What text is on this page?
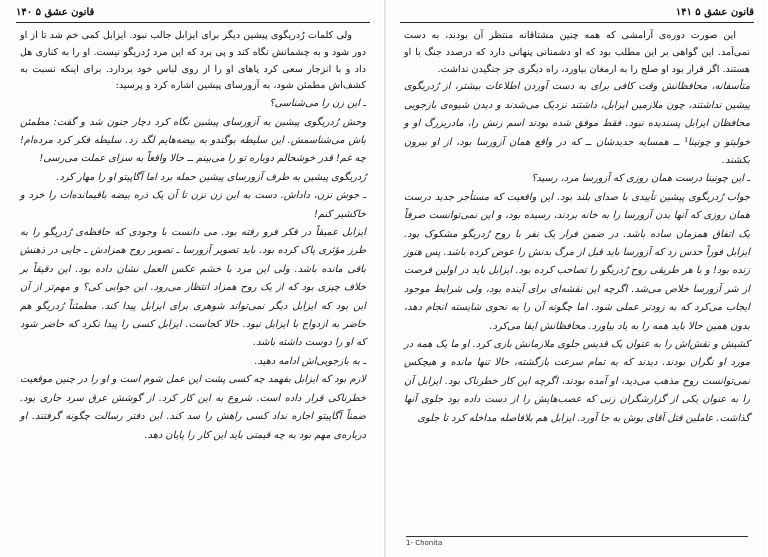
۱۴۰ ۵ قانون عشق

ولی کلمات رُدریگوی پیشین دیگر برای ایزابل جالب نبود. ایزابل کمی خم شد تا از او دور شود و به چشمانش نگاه کند و پی برد که این مرد رُدریگو نیست. او را به کناری هل داد و با انزجار سعی کرد پاهای او را از روی لباس خود بردارد. برای اینکه نسبت به کشف‌اش مطمئن شود، به آزورسای پیشین اشاره کرد و پرسید:

ـ این زن را می‌شناسی؟

وحش رُدریگوی پیشین به آزورسای پیشین نگاه کرد دچار جنون شد و گفت: مطمئن باش می‌شناسمش. این سلیطه بوگندو به بیضه‌هایم لگد زد. سلیطه فکر کرد مرده‌ام! چه غم! قدر خوشحالم دوباره تو را می‌بینم ــ حالا واقعاً به سزای عملت می‌رسی!

رُدریگوی پیشین به طرف آزورسای پیشین حمله برد اما آگاپیتو او را مهار کرد.

ـ جوش نزن، داداش. دست به این زن نزن تا آن یک ذره بیضه باقیمانده‌ات را خرد و خاکشیر کنم!

ایزابل عمیقاً در فکر فرو رفته بود. می دانست با وجودی که حافظه‌ی رُدریگو را به طرز مؤثری پاک کرده بود. باید تصویر آزورسا ـ تصویر روح همزادش ـ جایی در ذهنش باقی مانده باشد. ولی این مرد با خشم عکس العمل نشان داده بود. این دقیقاً بر خلاف چیزی بود که از یک روح همزاد انتظار می‌رود. این جوابی کی؟ و مهم‌تر از آن این بود که ایزابل دیگر نمی‌تواند شوهری برای ایزابل پیدا کند. مطمئناً رُدریگو هم حاضر به ازدواج با ایزابل نبود. حالا کجاست. ایزابل کسی را پیدا نکرد که حاضر شود که او را دوست داشته باشد.

ـ به بازجویی‌اش ادامه دهید.

لازم بود که ایزابل بفهمد چه کسی پشت این عمل شوم است و او را در چنین موقعیت خطرناکی قرار داده است. شروع به این کار کرد. از گوشش عرق سرد جاری بود. ضمناً آگاپیتو اجازه نداد کسی راهش را سد کند. این دفتر رسالت چگونه گرفتند. او درباره‌ی مهم بود به چه قیمتی باید این کار را پایان دهد.

۱۴۱ ۵ قانون عشق

این صورت دوره‌ی آرامشی که همه چنین مشتاقانه منتظر آن بودند، به دست نمی‌آمد. این گواهی بر این مطلب بود که او دشمنانی پنهانی دارد که درصدد جنگ با او هستند. اگر قرار بود او صلح را به ارمغان بیاورد، راه دیگری جز جنگیدن نداشت.

متأسفانه، محافظانش وقت کافی برای به دست آوردن اطلاعات بیشتر، از رُدریگوی پیشین نداشتند، چون ملازمین ایزابل، داشتند نزدیک می‌شدند و دیدن شیوه‌ی بازجویی محافظان ایزابل پسندیده نبود. فقط موفق شده بودند اسم زنش را، مادریزرگ او و خولیتو و چونینا¹ ــ همسایه جدیدشان ــ که در واقع همان آزورسا بود، از او بیرون بکشند.

ـ این چونینا درست همان روزی که آزورسا مرد، رسید؟

جواب رُدریگوی پیشین تأییدی با صدای بلند بود. این واقعیت که مستأجر جدید درست همان روزی که آنها بدن آزورسا را به خانه بردند، رسیده بود، و این نمی‌توانست صرفاً یک اتفاق همزمان ساده باشد. در ضمن فرار یک نفر با روح رُدریگو مشکوک بود. ایزابل فوراً حدس زد که آزورسا باید قبل از مرگ بدنش را عوض کرده باشد. پس هنوز زنده بود! و با هر طریقی روح رُدریگو را تصاحب کرده بود. ایزابل باید در اولین فرصت از شر آزورسا خلاص می‌شد. اگرچه این نقشه‌ای برای آینده بود، ولی شرایط موجود ایجاب می‌کرد که به زودتر عملی شود. اما چگونه آن را به نحوی شایسته انجام دهد، بدون همین حالا باید همه را به یاد بیاورد. محافظانش ایفا می‌کرد.

کشیش و نقش‌اش را به عنوان یک قدیس جلوی ملازمانش بازی کرد. او ما یک همه در مورد او نگران بودند. دیدند که به تمام سرعت بازگشته، حالا تنها مانده و هیچکس نمی‌توانست روح مذهب می‌دید، او آمده بودند، اگرچه این کار خطرناک بود. ایزابل آن را به عنوان یکی از گزارشگران زنی که عصب‌هایش را از دست داده بود جلوی آنها گذاشت. عاملین قتل آقای بوش به جا آورد. ایزابل هم بلافاصله مداخله کرد تا جلوی

1- Chonita
